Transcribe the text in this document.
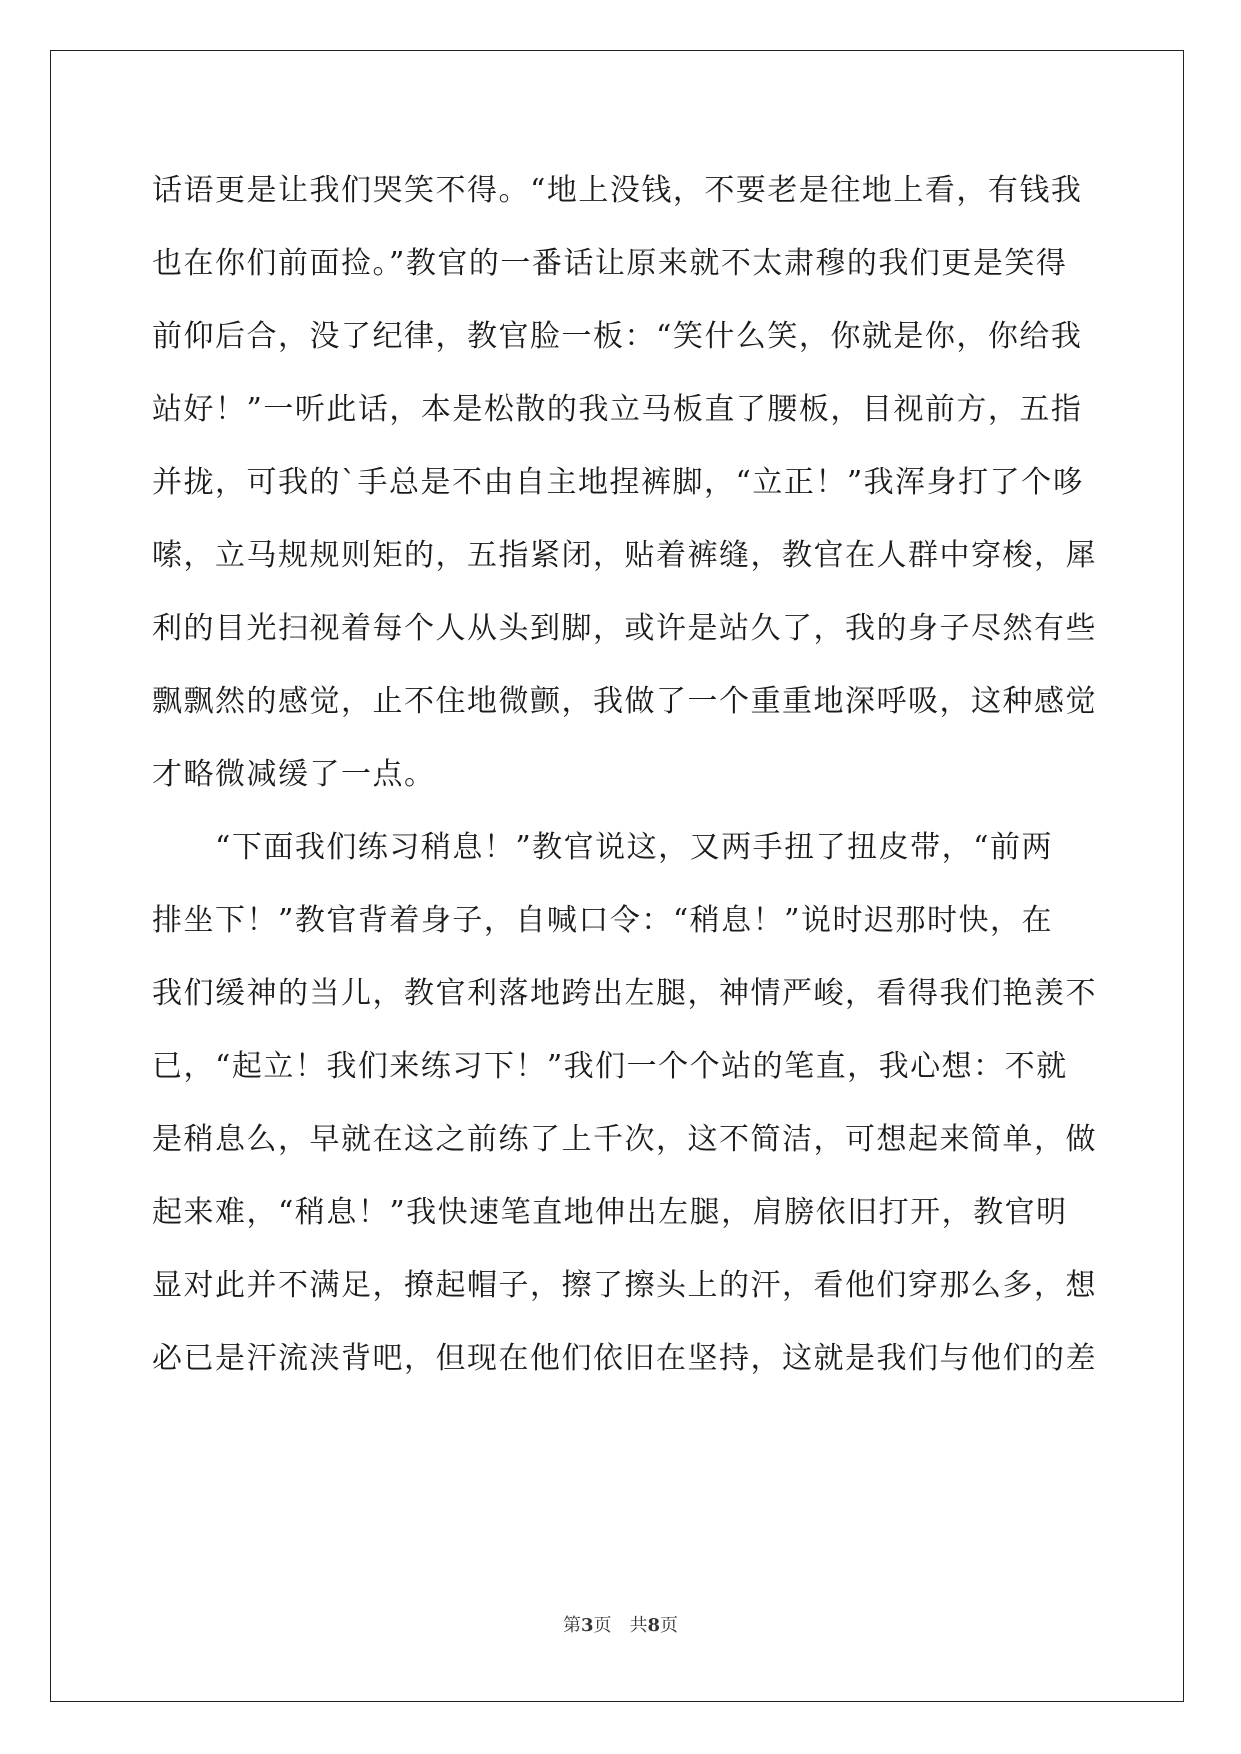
话语更是让我们哭笑不得。“地上没钱，不要老是往地上看，有钱我
也在你们前面捡。”教官的一番话让原来就不太肃穆的我们更是笑得
前仰后合，没了纪律，教官脸一板：“笑什么笑，你就是你，你给我
站好！”一听此话，本是松散的我立马板直了腰板，目视前方，五指
并拢，可我的`手总是不由自主地捏裤脚，“立正！”我浑身打了个哆
嗦，立马规规则矩的，五指紧闭，贴着裤缝，教官在人群中穿梭，犀
利的目光扫视着每个人从头到脚，或许是站久了，我的身子尽然有些
飘飘然的感觉，止不住地微颤，我做了一个重重地深呼吸，这种感觉
才略微减缓了一点。
　　“下面我们练习稍息！”教官说这，又两手扭了扭皮带，“前两
排坐下！”教官背着身子，自喊口令：“稍息！”说时迟那时快，在
我们缓神的当儿，教官利落地跨出左腿，神情严峻，看得我们艳羡不
已，“起立！我们来练习下！”我们一个个站的笔直，我心想：不就
是稍息么，早就在这之前练了上千次，这不简洁，可想起来简单，做
起来难，“稍息！”我快速笔直地伸出左腿，肩膀依旧打开，教官明
显对此并不满足，撩起帽子，擦了擦头上的汗，看他们穿那么多，想
必已是汗流浃背吧，但现在他们依旧在坚持，这就是我们与他们的差
第3页 共8页
